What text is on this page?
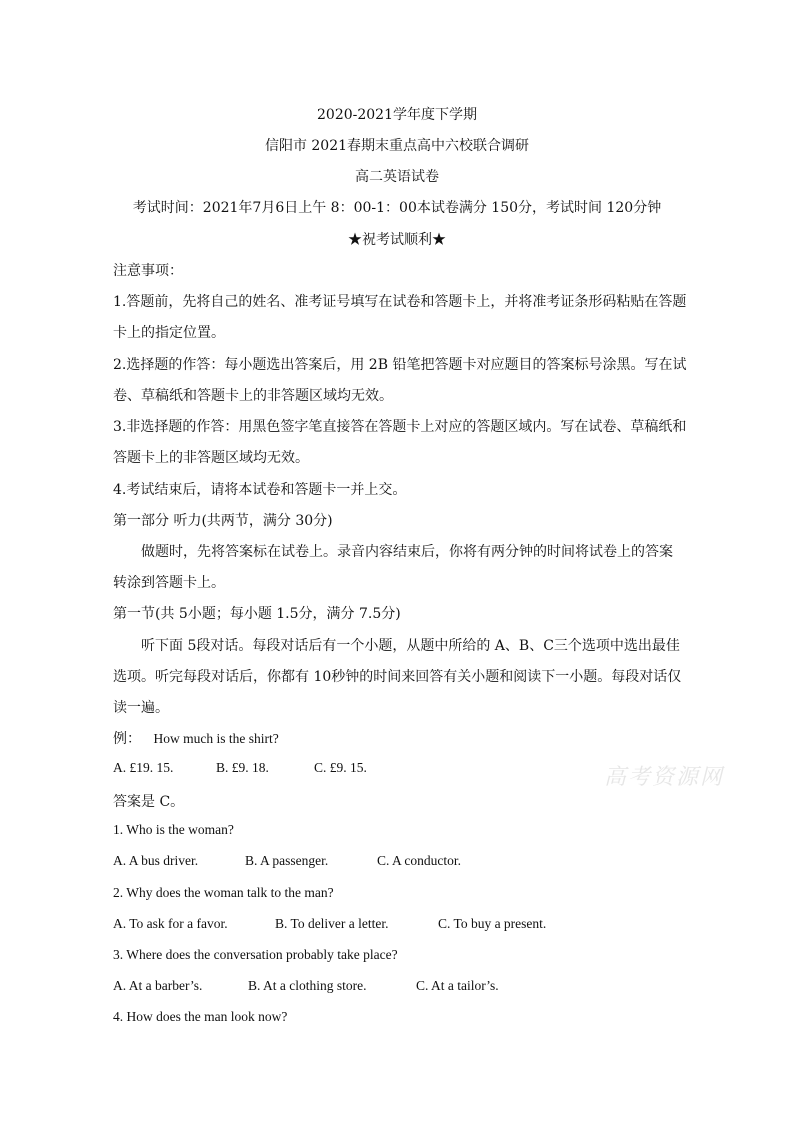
2020-2021学年度下学期
信阳市 2021春期末重点高中六校联合调研
高二英语试卷
考试时间：2021年7月6日上午 8：00-1：00本试卷满分 150分，考试时间 120分钟
★祝考试顺利★
注意事项：
1.答题前，先将自己的姓名、准考证号填写在试卷和答题卡上，并将准考证条形码粘贴在答题
卡上的指定位置。
2.选择题的作答：每小题选出答案后，用 2B 铅笔把答题卡对应题目的答案标号涂黑。写在试
卷、草稿纸和答题卡上的非答题区域均无效。
3.非选择题的作答：用黑色签字笔直接答在答题卡上对应的答题区域内。写在试卷、草稿纸和
答题卡上的非答题区域均无效。
4.考试结束后，请将本试卷和答题卡一并上交。
第一部分 听力(共两节，满分 30分)
做题时，先将答案标在试卷上。录音内容结束后，你将有两分钟的时间将试卷上的答案
转涂到答题卡上。
第一节(共 5小题；每小题 1.5分，满分 7.5分)
听下面 5段对话。每段对话后有一个小题，从题中所给的 A、B、C三个选项中选出最佳
选项。听完每段对话后，你都有 10秒钟的时间来回答有关小题和阅读下一小题。每段对话仅
读一遍。
例： How much is the shirt?
A. £19. 15.	B. £9. 18.	C. £9. 15.
答案是 C。
1. Who is the woman?
A. A bus driver.	B. A passenger.	C. A conductor.
2. Why does the woman talk to the man?
A. To ask for a favor.	B. To deliver a letter.	C. To buy a present.
3. Where does the conversation probably take place?
A. At a barber’s.	B. At a clothing store.	C. At a tailor’s.
4. How does the man look now?
高考资源网
